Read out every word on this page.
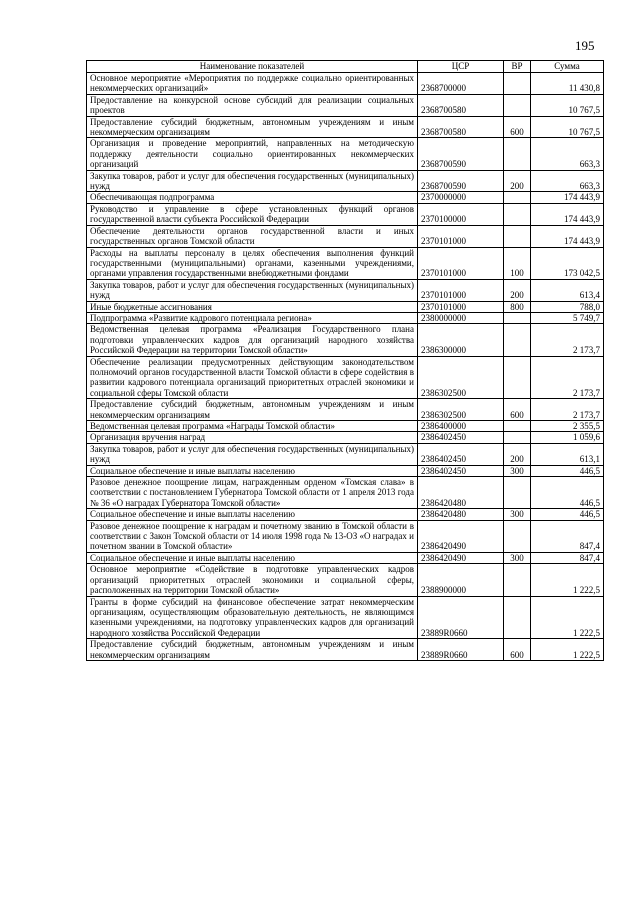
195
Наименование показателей	ЦСР	ВР	Сумма
Основное мероприятие «Мероприятия по поддержке социально ориентированных некоммерческих организаций»	2368700000		11 430,8
Предоставление на конкурсной основе субсидий для реализации социальных проектов	2368700580		10 767,5
Предоставление субсидий бюджетным, автономным учреждениям и иным некоммерческим организациям	2368700580	600	10 767,5
Организация и проведение мероприятий, направленных на методическую поддержку деятельности социально ориентированных некоммерческих организаций	2368700590		663,3
Закупка товаров, работ и услуг для обеспечения государственных (муниципальных) нужд	2368700590	200	663,3
Обеспечивающая подпрограмма	2370000000		174 443,9
Руководство и управление в сфере установленных функций органов государственной власти субъекта Российской Федерации	2370100000		174 443,9
Обеспечение деятельности органов государственной власти и иных государственных органов Томской области	2370101000		174 443,9
Расходы на выплаты персоналу в целях обеспечения выполнения функций государственными (муниципальными) органами, казенными учреждениями, органами управления государственными внебюджетными фондами	2370101000	100	173 042,5
Закупка товаров, работ и услуг для обеспечения государственных (муниципальных) нужд	2370101000	200	613,4
Иные бюджетные ассигнования	2370101000	800	788,0
Подпрограмма «Развитие кадрового потенциала региона»	2380000000		5 749,7
Ведомственная целевая программа «Реализация Государственного плана подготовки управленческих кадров для организаций народного хозяйства Российской Федерации на территории Томской области»	2386300000		2 173,7
Обеспечение реализации предусмотренных действующим законодательством полномочий органов государственной власти Томской области в сфере содействия в развитии кадрового потенциала организаций приоритетных отраслей экономики и социальной сферы Томской области	2386302500		2 173,7
Предоставление субсидий бюджетным, автономным учреждениям и иным некоммерческим организациям	2386302500	600	2 173,7
Ведомственная целевая программа «Награды Томской области»	2386400000		2 355,5
Организация вручения наград	2386402450		1 059,6
Закупка товаров, работ и услуг для обеспечения государственных (муниципальных) нужд	2386402450	200	613,1
Социальное обеспечение и иные выплаты населению	2386402450	300	446,5
Разовое денежное поощрение лицам, награжденным орденом «Томская слава» в соответствии с постановлением Губернатора Томской области от 1 апреля 2013 года № 36 «О наградах Губернатора Томской области»	2386420480		446,5
Социальное обеспечение и иные выплаты населению	2386420480	300	446,5
Разовое денежное поощрение к наградам и почетному званию в Томской области в соответствии с Закон Томской области от 14 июля 1998 года № 13-ОЗ «О наградах и почетном звании в Томской области»	2386420490		847,4
Социальное обеспечение и иные выплаты населению	2386420490	300	847,4
Основное мероприятие «Содействие в подготовке управленческих кадров организаций приоритетных отраслей экономики и социальной сферы, расположенных на территории Томской области»	2388900000		1 222,5
Гранты в форме субсидий на финансовое обеспечение затрат некоммерческим организациям, осуществляющим образовательную деятельность, не являющимся казенными учреждениями, на подготовку управленческих кадров для организаций народного хозяйства Российской Федерации	23889R0660		1 222,5
Предоставление субсидий бюджетным, автономным учреждениям и иным некоммерческим организациям	23889R0660	600	1 222,5
